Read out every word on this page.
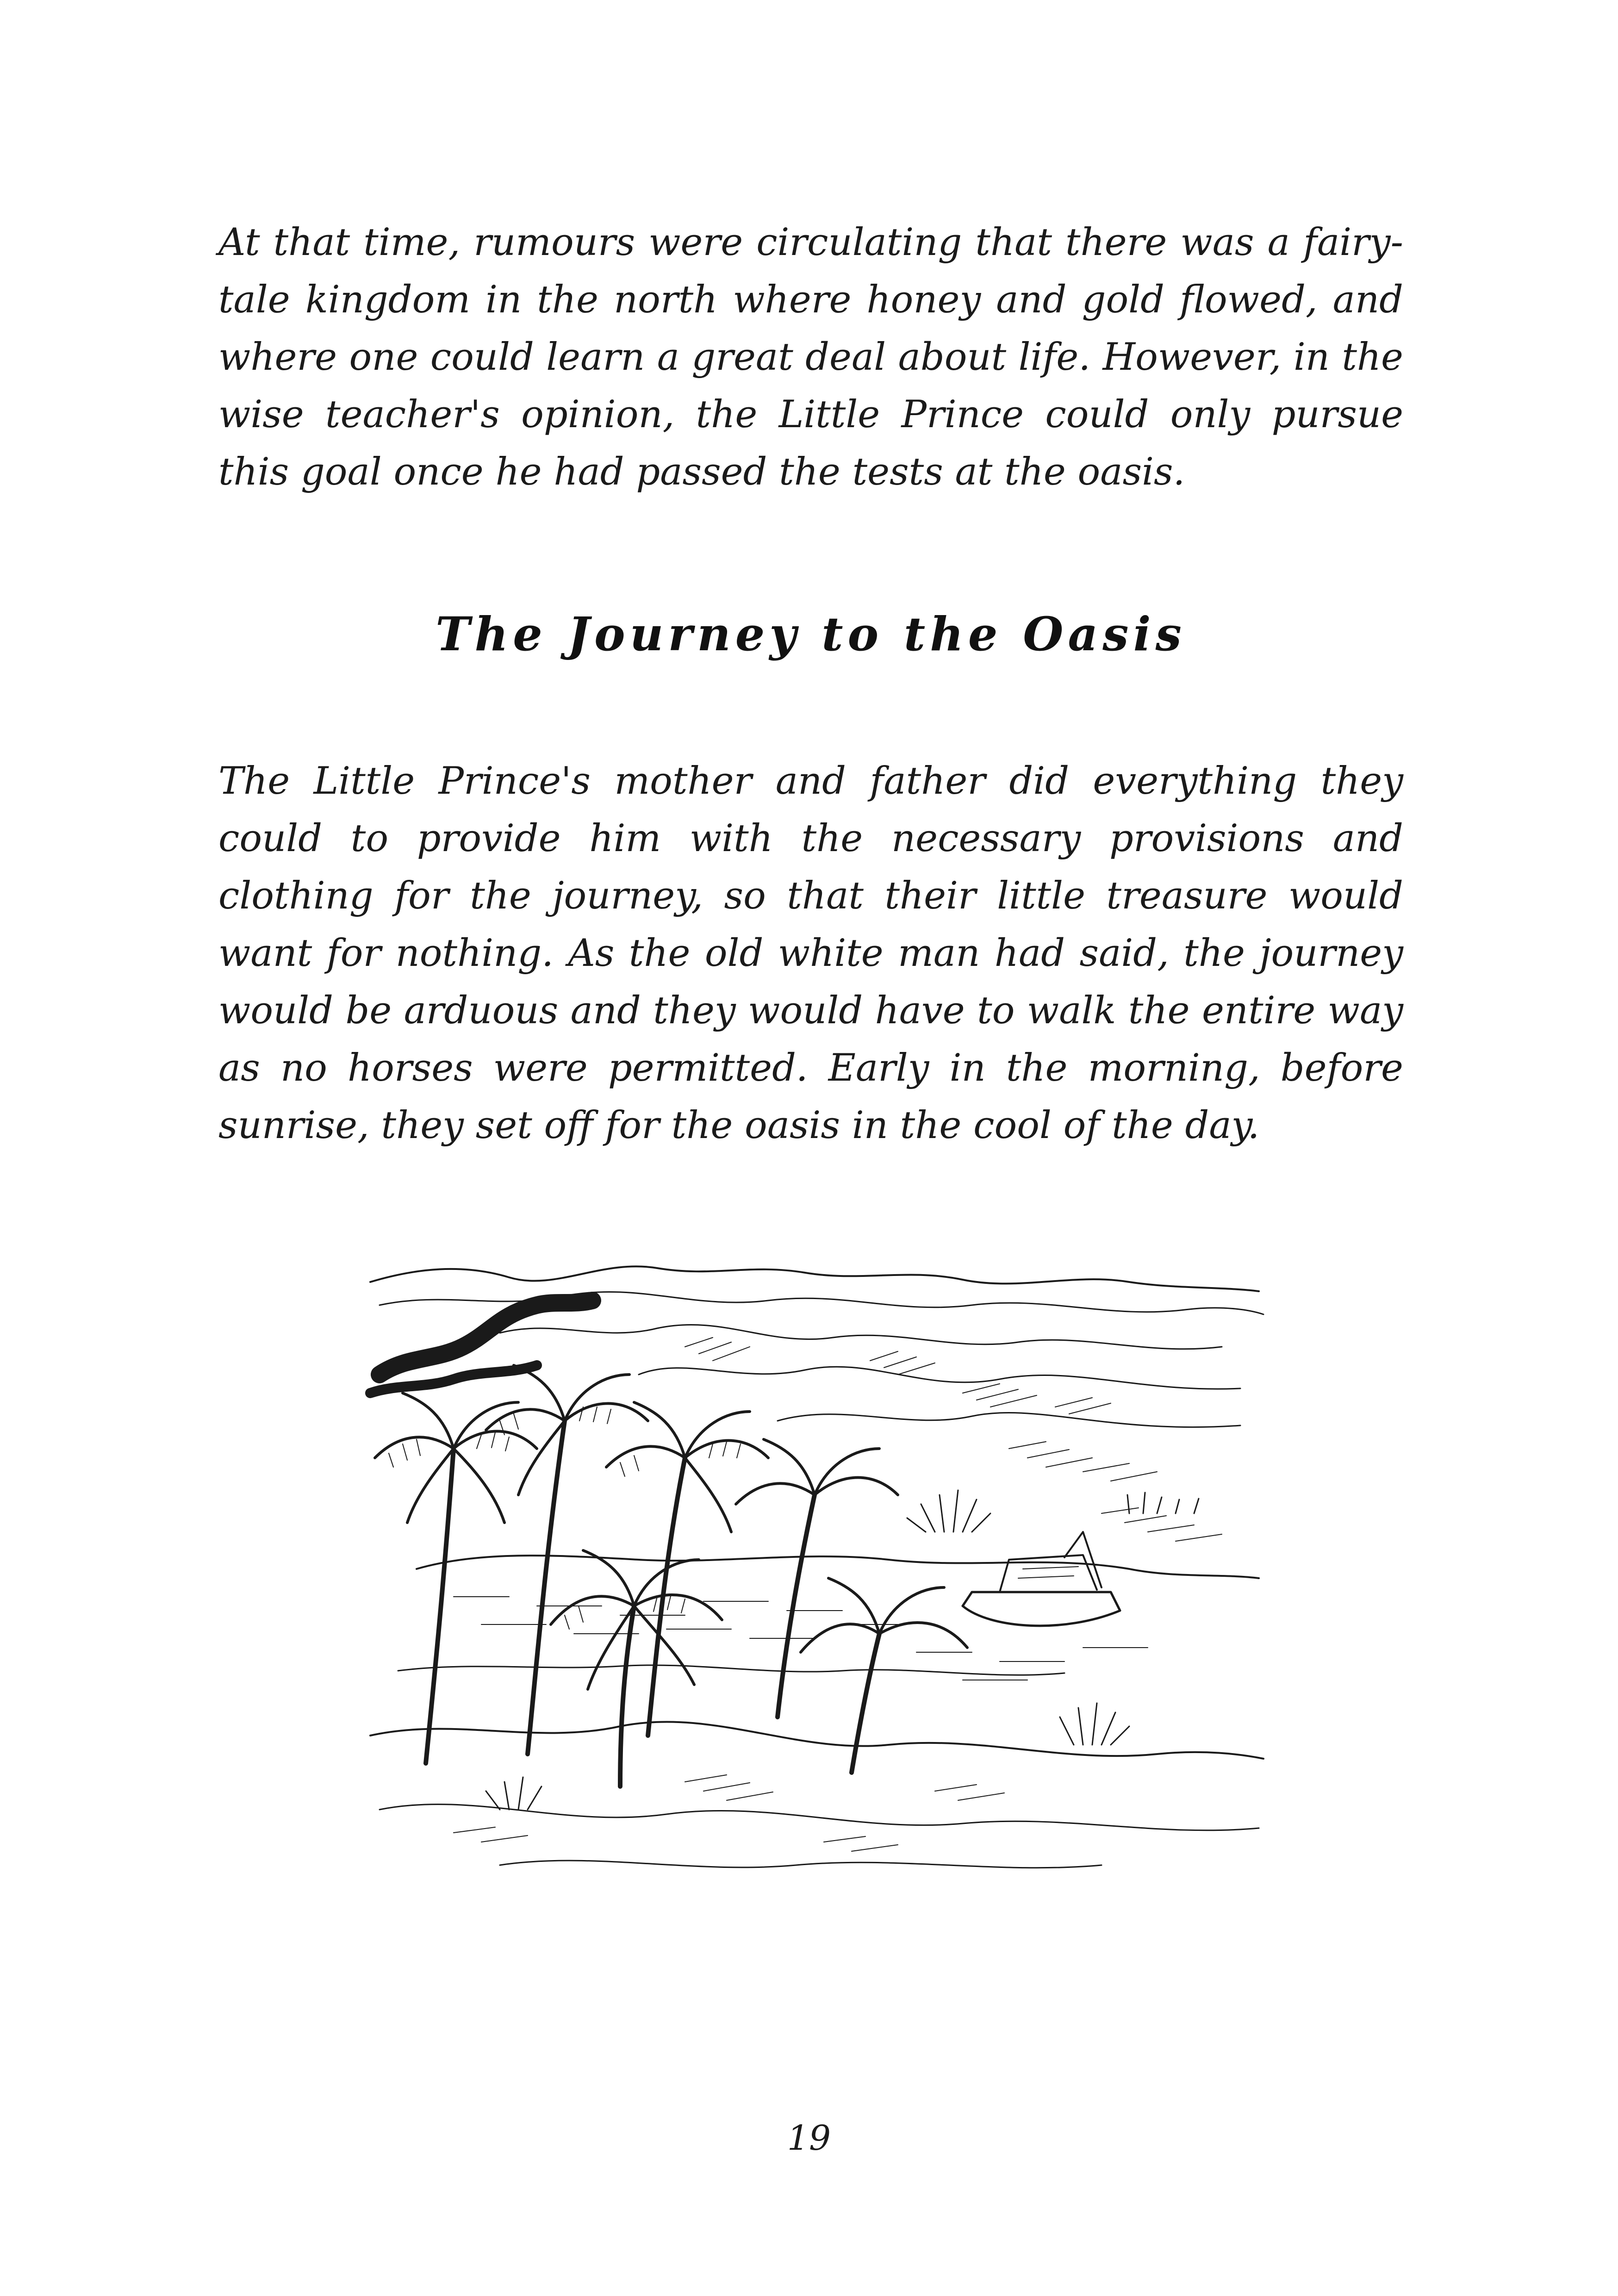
At that time, rumours were circulating that there was a fairy-tale kingdom in the north where honey and gold flowed, and where one could learn a great deal about life. However, in the wise teacher's opinion, the Little Prince could only pursue this goal once he had passed the tests at the oasis.

The Journey to the Oasis

The Little Prince's mother and father did everything they could to provide him with the necessary provisions and clothing for the journey, so that their little treasure would want for nothing. As the old white man had said, the journey would be arduous and they would have to walk the entire way as no horses were permitted. Early in the morning, before sunrise, they set off for the oasis in the cool of the day.

19
